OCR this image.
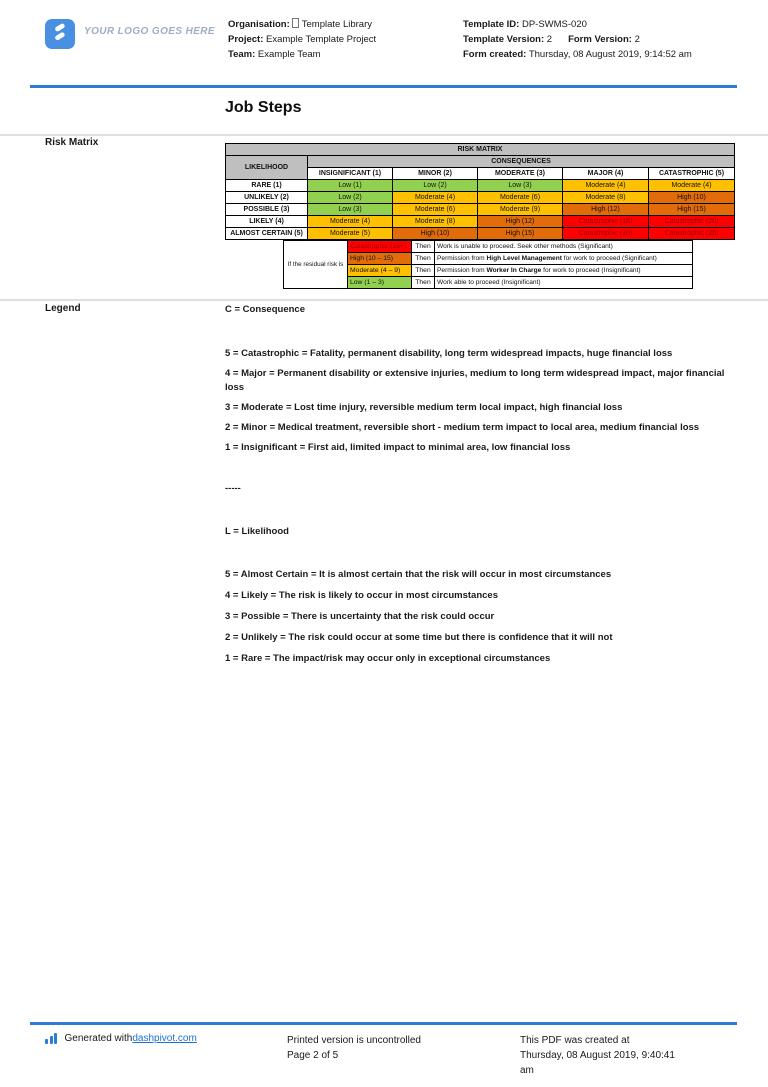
YOUR LOGO GOES HERE
Organisation: Template Library
Project: Example Template Project
Team: Example Team
Template ID: DP-SWMS-020
Template Version: 2 Form Version: 2
Form created: Thursday, 08 August 2019, 9:14:52 am
Job Steps
Risk Matrix
RISK MATRIX					
LIKELIHOOD	CONSEQUENCES				
	INSIGNIFICANT (1)	MINOR (2)	MODERATE (3)	MAJOR (4)	CATASTROPHIC (5)
RARE (1)	Low (1)	Low (2)	Low (3)	Moderate (4)	Moderate (4)
UNLIKELY (2)	Low (2)	Moderate (4)	Moderate (6)	Moderate (8)	High (10)
POSSIBLE (3)	Low (3)	Moderate (6)	Moderate (9)	High (12)	High (15)
LIKELY (4)	Moderate (4)	Moderate (8)	High (12)	Catastrophic (16)	Catastrophic (20)
ALMOST CERTAIN (5)	Moderate (5)	High (10)	High (15)	Catastrophic (20)	Catastrophic (25)
If the residual risk is	Catastrophic (16+)	Then	Work is unable to proceed. Seek other methods (Significant)
	High (10 – 15)	Then	Permission from High Level Management for work to proceed (Significant)
	Moderate (4 – 9)	Then	Permission from Worker In Charge for work to proceed (Insignificant)
	Low (1 – 3)	Then	Work able to proceed (Insignificant)
Legend	C = Consequence

5 = Catastrophic = Fatality, permanent disability, long term widespread impacts, huge financial loss

4 = Major = Permanent disability or extensive injuries, medium to long term widespread impact, major financial loss

3 = Moderate = Lost time injury, reversible medium term local impact, high financial loss

2 = Minor = Medical treatment, reversible short - medium term impact to local area, medium financial loss

1 = Insignificant = First aid, limited impact to minimal area, low financial loss

-----

L = Likelihood

5 = Almost Certain = It is almost certain that the risk will occur in most circumstances

4 = Likely = The risk is likely to occur in most circumstances

3 = Possible = There is uncertainty that the risk could occur

2 = Unlikely = The risk could occur at some time but there is confidence that it will not

1 = Rare = The impact/risk may occur only in exceptional circumstances

Generated with dashpivot.com	Printed version is uncontrolled
Page 2 of 5
This PDF was created at
Thursday, 08 August 2019, 9:40:41
am
